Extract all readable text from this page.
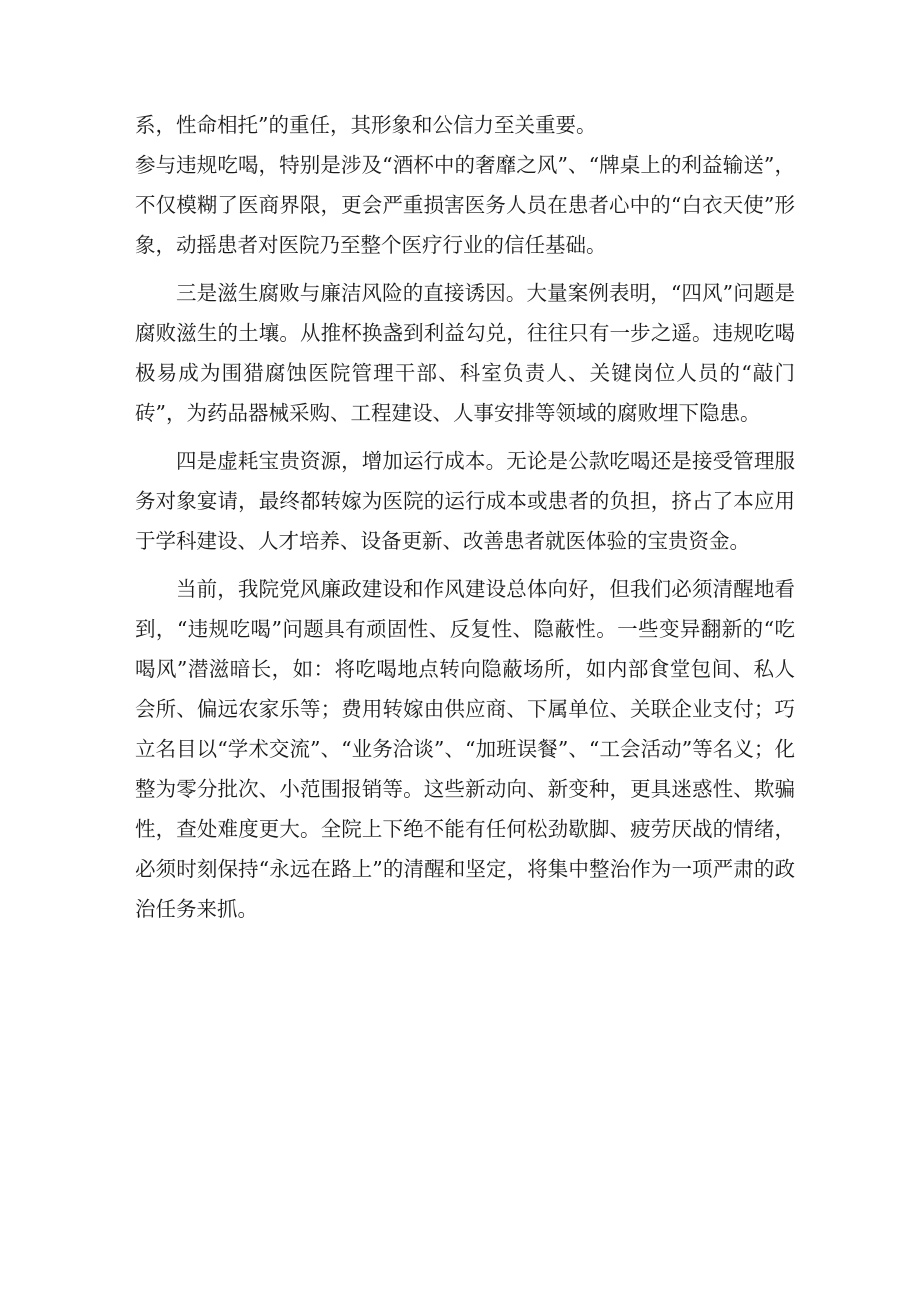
系，性命相托”的重任，其形象和公信力至关重要。

参与违规吃喝，特别是涉及“酒杯中的奢靡之风”、“牌桌上的利益输送”，不仅模糊了医商界限，更会严重损害医务人员在患者心中的“白衣天使”形象，动摇患者对医院乃至整个医疗行业的信任基础。

三是滋生腐败与廉洁风险的直接诱因。大量案例表明，“四风”问题是腐败滋生的土壤。从推杯换盏到利益勾兑，往往只有一步之遥。违规吃喝极易成为围猎腐蚀医院管理干部、科室负责人、关键岗位人员的“敲门砖”，为药品器械采购、工程建设、人事安排等领域的腐败埋下隐患。

四是虚耗宝贵资源，增加运行成本。无论是公款吃喝还是接受管理服务对象宴请，最终都转嫁为医院的运行成本或患者的负担，挤占了本应用于学科建设、人才培养、设备更新、改善患者就医体验的宝贵资金。

当前，我院党风廉政建设和作风建设总体向好，但我们必须清醒地看到，“违规吃喝”问题具有顽固性、反复性、隐蔽性。一些变异翻新的“吃喝风”潜滋暗长，如：将吃喝地点转向隐蔽场所，如内部食堂包间、私人会所、偏远农家乐等；费用转嫁由供应商、下属单位、关联企业支付；巧立名目以“学术交流”、“业务洽谈”、“加班误餐”、“工会活动”等名义；化整为零分批次、小范围报销等。这些新动向、新变种，更具迷惑性、欺骗性，查处难度更大。全院上下绝不能有任何松劲歇脚、疲劳厌战的情绪，必须时刻保持“永远在路上”的清醒和坚定，将集中整治作为一项严肃的政治任务来抓。
